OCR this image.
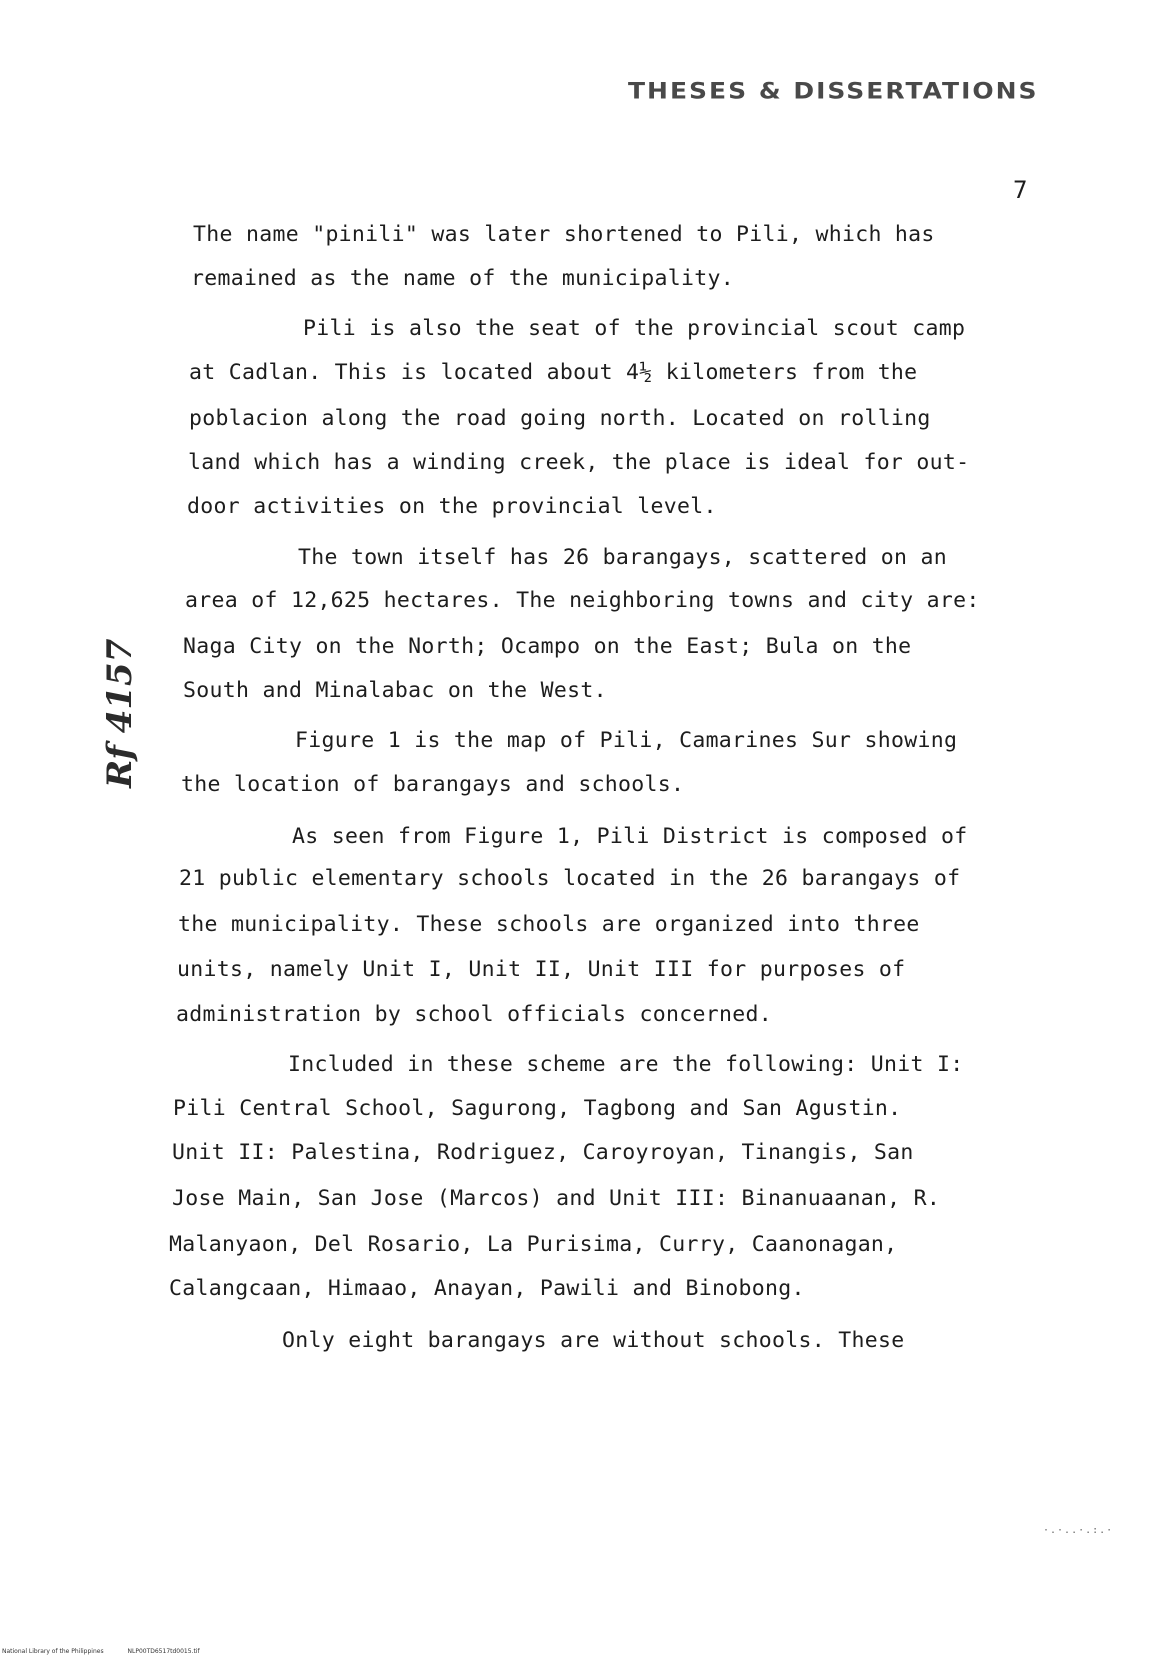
THESES & DISSERTATIONS
7
Rf 4157
The name "pinili" was later shortened to Pili, which has
remained as the name of the municipality.
Pili is also the seat of the provincial scout camp
at Cadlan. This is located about 4½ kilometers from the
poblacion along the road going north. Located on rolling
land which has a winding creek, the place is ideal for out-
door activities on the provincial level.
The town itself has 26 barangays, scattered on an
area of 12,625 hectares. The neighboring towns and city are:
Naga City on the North; Ocampo on the East; Bula on the
South and Minalabac on the West.
Figure 1 is the map of Pili, Camarines Sur showing
the location of barangays and schools.
As seen from Figure 1, Pili District is composed of
21 public elementary schools located in the 26 barangays of
the municipality. These schools are organized into three
units, namely Unit I, Unit II, Unit III for purposes of
administration by school officials concerned.
Included in these scheme are the following: Unit I:
Pili Central School, Sagurong, Tagbong and San Agustin.
Unit II: Palestina, Rodriguez, Caroyroyan, Tinangis, San
Jose Main, San Jose (Marcos) and Unit III: Binanuaanan, R.
Malanyaon, Del Rosario, La Purisima, Curry, Caanonagan,
Calangcaan, Himaao, Anayan, Pawili and Binobong.
Only eight barangays are without schools. These
·.·..·.:.·
National Library of the Philippines	NLP00TD6517td0015.tif
